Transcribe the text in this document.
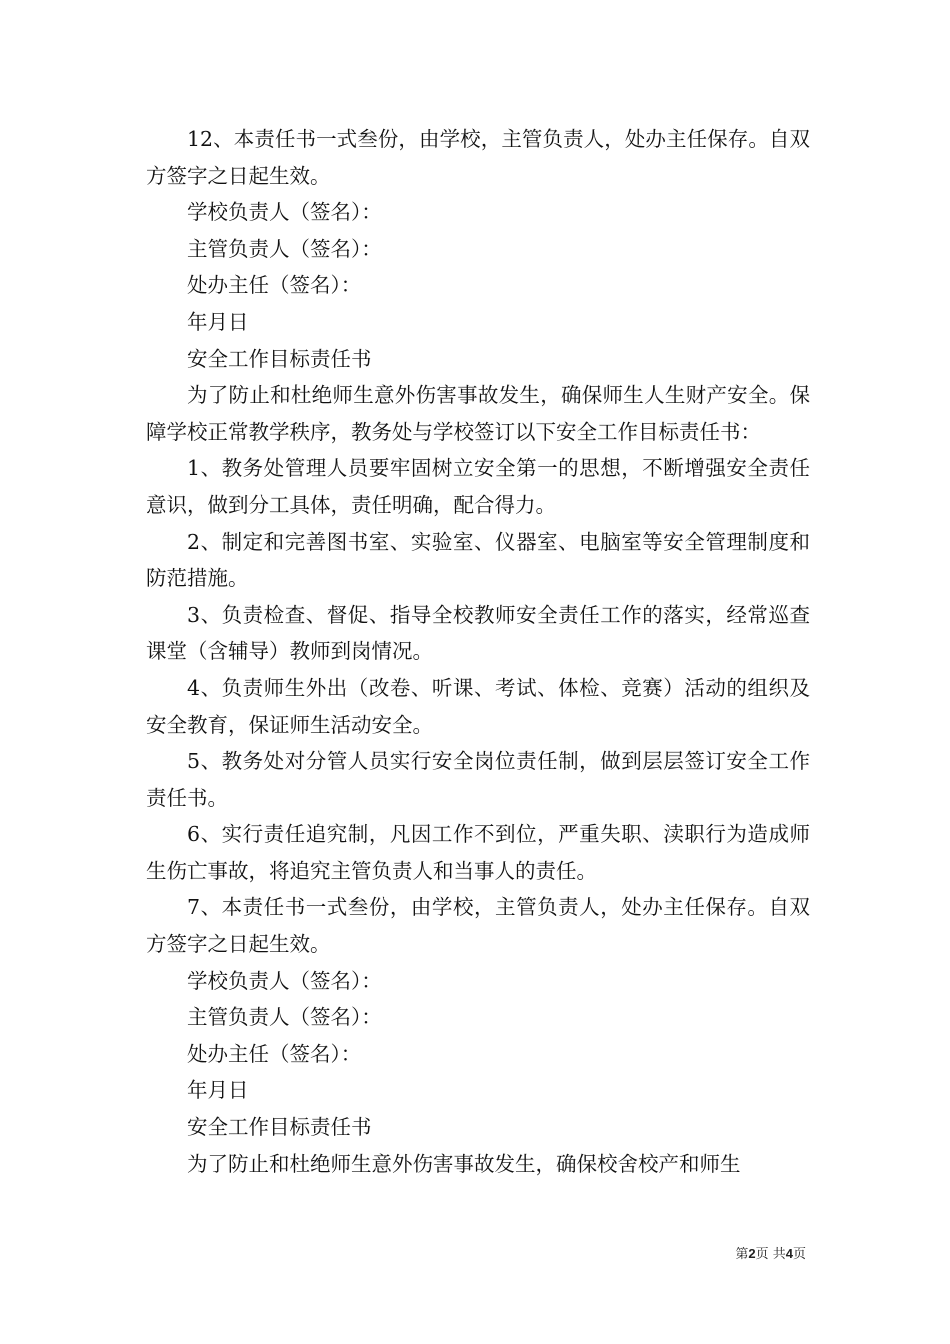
12、本责任书一式叁份，由学校，主管负责人，处办主任保存。自双方签字之日起生效。

学校负责人（签名）：

主管负责人（签名）：

处办主任（签名）：

年月日

安全工作目标责任书

为了防止和杜绝师生意外伤害事故发生，确保师生人生财产安全。保障学校正常教学秩序，教务处与学校签订以下安全工作目标责任书：

1、教务处管理人员要牢固树立安全第一的思想，不断增强安全责任意识，做到分工具体，责任明确，配合得力。

2、制定和完善图书室、实验室、仪器室、电脑室等安全管理制度和防范措施。

3、负责检查、督促、指导全校教师安全责任工作的落实，经常巡查课堂（含辅导）教师到岗情况。

4、负责师生外出（改卷、听课、考试、体检、竞赛）活动的组织及安全教育，保证师生活动安全。

5、教务处对分管人员实行安全岗位责任制，做到层层签订安全工作责任书。

6、实行责任追究制，凡因工作不到位，严重失职、渎职行为造成师生伤亡事故，将追究主管负责人和当事人的责任。

7、本责任书一式叁份，由学校，主管负责人，处办主任保存。自双方签字之日起生效。

学校负责人（签名）：

主管负责人（签名）：

处办主任（签名）：

年月日

安全工作目标责任书

为了防止和杜绝师生意外伤害事故发生，确保校舍校产和师生

第2页 共4页
